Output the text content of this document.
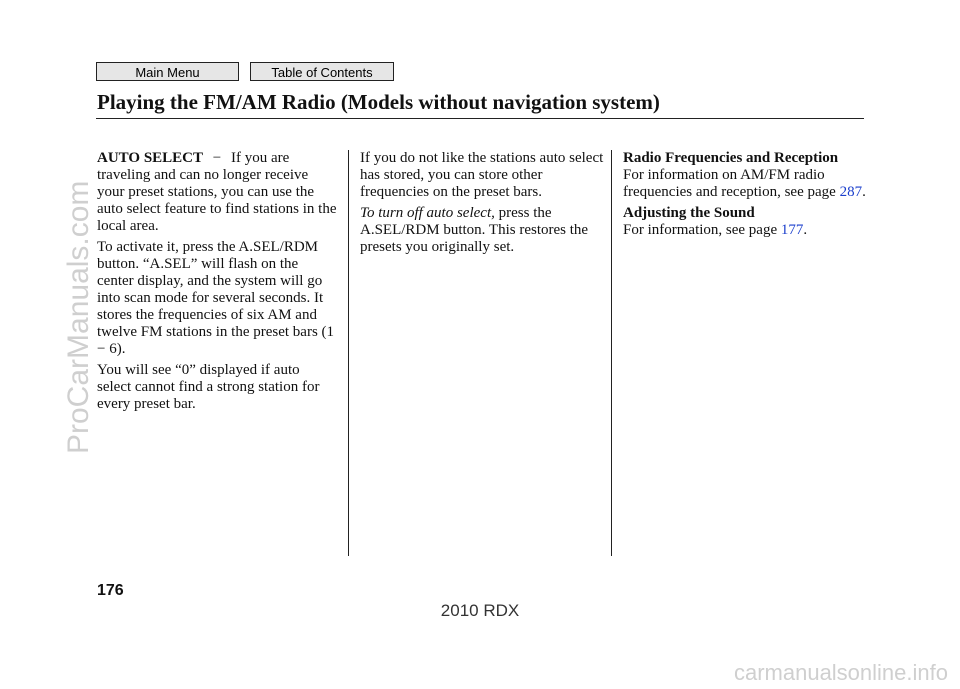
Main Menu	Table of Contents
Playing the FM/AM Radio (Models without navigation system)

AUTO SELECT − If you are traveling and can no longer receive your preset stations, you can use the auto select feature to find stations in the local area.

To activate it, press the A.SEL/RDM button. “A.SEL” will flash on the center display, and the system will go into scan mode for several seconds. It stores the frequencies of six AM and twelve FM stations in the preset bars (1 − 6).

You will see “0” displayed if auto select cannot find a strong station for every preset bar.

If you do not like the stations auto select has stored, you can store other frequencies on the preset bars.

To turn off auto select, press the A.SEL/RDM button. This restores the presets you originally set.

Radio Frequencies and Reception
For information on AM/FM radio frequencies and reception, see page 287.

Adjusting the Sound
For information, see page 177.

176
ProCarManuals.com
2010 RDX
carmanualsonline.info
